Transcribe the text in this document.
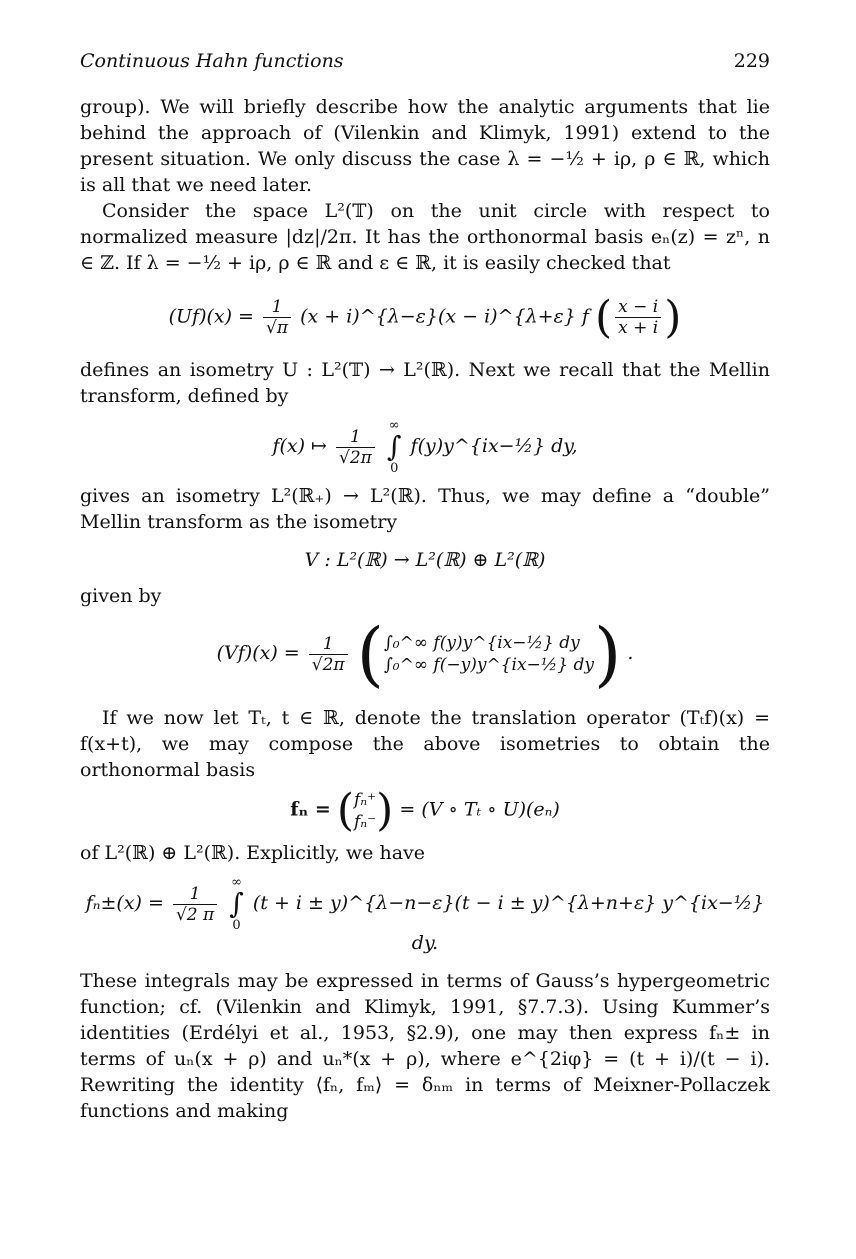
Continuous Hahn functions	229

group). We will briefly describe how the analytic arguments that lie behind the approach of (Vilenkin and Klimyk, 1991) extend to the present situation. We only discuss the case λ = −½ + iρ, ρ ∈ ℝ, which is all that we need later.

Consider the space L²(𝕋) on the unit circle with respect to normalized measure |dz|/2π. It has the orthonormal basis eₙ(z) = zⁿ, n ∈ ℤ. If λ = −½ + iρ, ρ ∈ ℝ and ε ∈ ℝ, it is easily checked that

$(Uf)(x) = \frac{1}{√\pi} (x$ + i)^{λ−ε}(x − i)^{λ+ε} f ( $\frac{x - i}{x + i}$ )

defines an isometry U : L²(𝕋) → L²(ℝ). Next we recall that the Mellin transform, defined by

f(x) ↦ $\frac{1}{√2\pi}$

∞
∫
0
f(y)y^{ix−½} dy,

gives an isometry L²(ℝ₊) → L²(ℝ). Thus, we may define a “double” Mellin transform as the isometry

V : L²(ℝ) → L²(ℝ) ⊕ L²(ℝ)

given by

$(Vf)(x) = \frac{1}{√2\pi}$ ( ∫₀^∞ f(y)y^{ix−½} dy
∫₀^∞ f(−y)y^{ix−½} dy ) .

If we now let Tₜ, t ∈ ℝ, denote the translation operator (Tₜf)(x) = f(x+t), we may compose the above isometries to obtain the orthonormal basis

fₙ = ( fₙ⁺
fₙ⁻ ) = (V ∘ Tₜ ∘ U)(eₙ)

of L²(ℝ) ⊕ L²(ℝ). Explicitly, we have

$f_n\pm(x) = \frac{1}{√2 \pi}$

∞
∫
0
(t + i ± y)^{λ−n−ε}(t − i ± y)^{λ+n+ε} y^{ix−½} dy.

These integrals may be expressed in terms of Gauss’s hypergeometric function; cf. (Vilenkin and Klimyk, 1991, §7.7.3). Using Kummer’s identities (Erdélyi et al., 1953, §2.9), one may then express fₙ± in terms of uₙ(x + ρ) and uₙ*(x + ρ), where e^{2iφ} = (t + i)/(t − i). Rewriting the identity ⟨fₙ, fₘ⟩ = δₙₘ in terms of Meixner-Pollaczek functions and making
